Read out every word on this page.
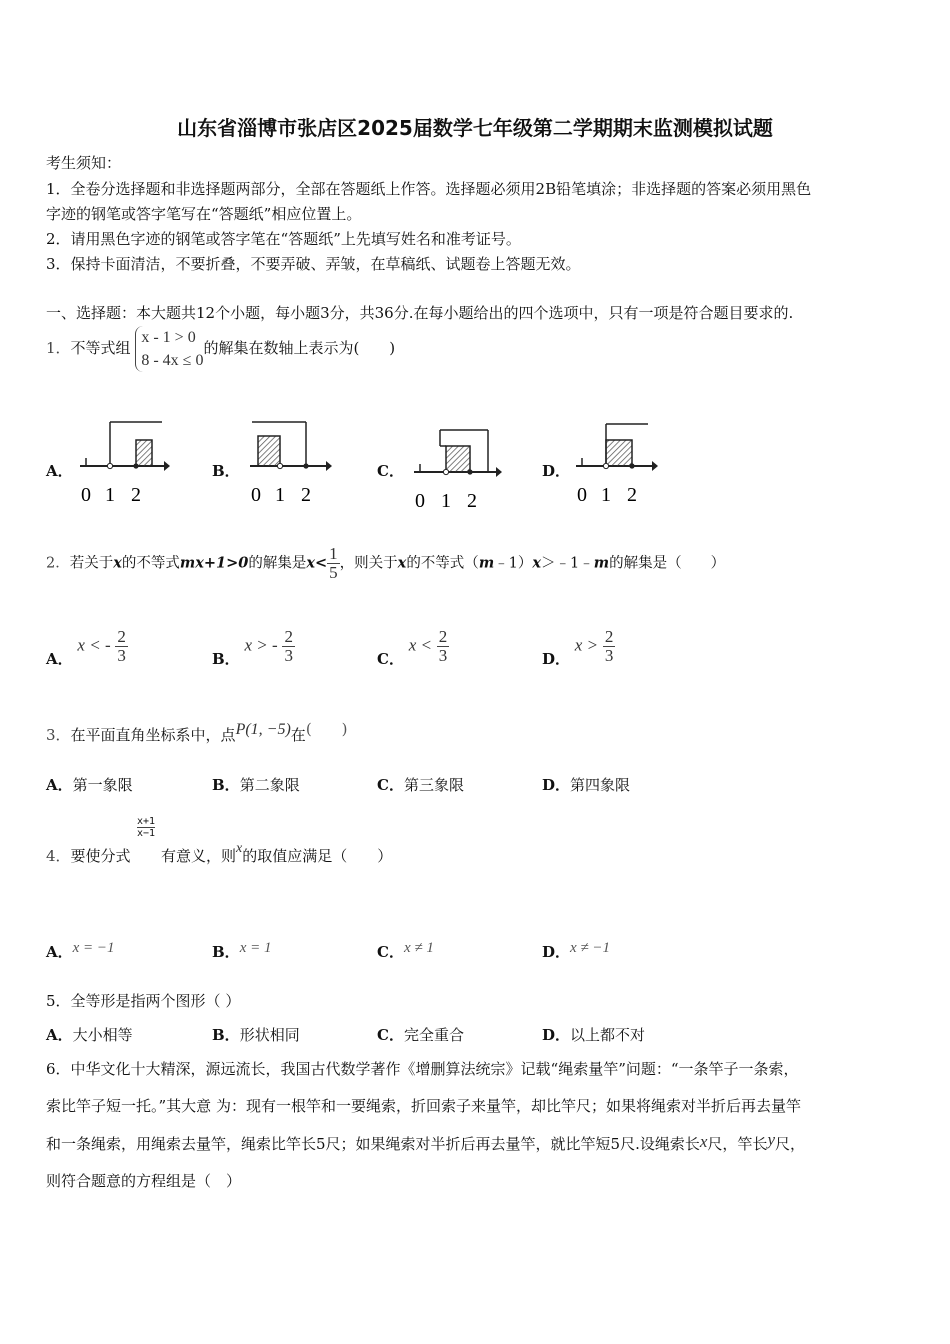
山东省淄博市张店区2025届数学七年级第二学期期末监测模拟试题
考生须知：
1．全卷分选择题和非选择题两部分，全部在答题纸上作答。选择题必须用2B铅笔填涂；非选择题的答案必须用黑色
字迹的钢笔或答字笔写在“答题纸”相应位置上。
2．请用黑色字迹的钢笔或答字笔在“答题纸”上先填写姓名和准考证号。
3．保持卡面清洁，不要折叠，不要弄破、弄皱，在草稿纸、试题卷上答题无效。
一、选择题：本大题共12个小题，每小题3分，共36分.在每小题给出的四个选项中，只有一项是符合题目要求的.
1．不等式组
x - 1 > 0
8 - 4x ≤ 0
的解集在数轴上表示为(　　)
A．	B．	C．	D．
0 1 2	0 1 2	0 1 2	0 1 2
2．若关于x的不等式mx+1>0的解集是$x< \frac{1}{5}$ ，则关于x的不等式（m﹣1）x＞﹣1﹣m的解集是（　　）
A． x < - $\frac{2}{3}$	B． x > - $\frac{2}{3}$	C． $x < \frac{2}{3}$	D． $x > \frac{2}{3}$
3．在平面直角坐标系中，点P(1, −5)在(　　)
A．第一象限	B．第二象限	C．第三象限	D．第四象限
4．要使分式
$\frac{x+1}{x-1}$
有意义，则x的取值应满足（　　）
A．x = −1	B．x = 1	C．x ≠ 1	D．x ≠ −1
5．全等形是指两个图形（ ）
A．大小相等	B．形状相同	C．完全重合	D．以上都不对
6．中华文化十大精深，源远流长，我国古代数学著作《增删算法统宗》记载“绳索量竿”问题：“一条竿子一条索，
索比竿子短一托。”其大意 为：现有一根竿和一要绳索，折回索子来量竿，却比竿尺；如果将绳索对半折后再去量竿
和一条绳索，用绳索去量竿，绳索比竿长5尺；如果绳索对半折后再去量竿，就比竿短5尺.设绳索长x尺，竿长y尺，
则符合题意的方程组是（　）
